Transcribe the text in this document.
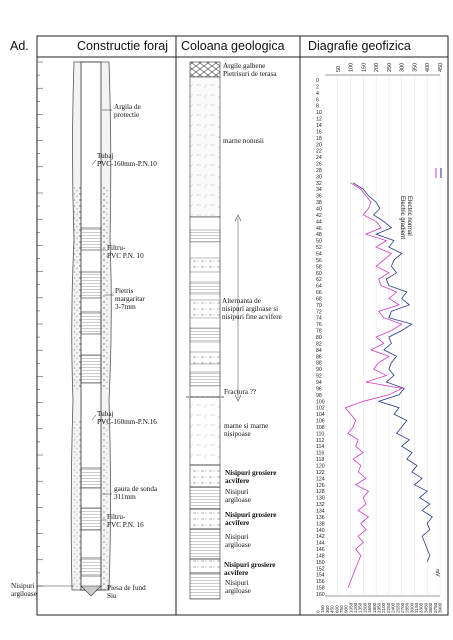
Ad.	Constructie foraj Coloana geologica Diagrafie geofizica
50 100 150 200 250 300 350 400 450
0
2
4
6
8
10
12
14
16
18
20
22
24
26
28
30
32
34
36
38
40
42
44
46
48
50
52
54
56
58
60
62
64
66
68
70
72
74
76
78
80
82
84
86
88
90
92
94
96
98
100
102
104
106
108
110
112
114
116
118
120
122
124
126
128
130
132
134
136
138
140
142
144
146
148
150
152
154
156
158
160
0 150 300 450 600 750 900 1050 1200 1350 1500 1650 1800 1950 2100 2250 2400 2550 2700 2850 3000 3150 3300 3450 3600 3750 3900
Argila de
protectie
Tubaj
PVC-160mm-P.N.10
Filtru-
PVC P.N. 10
Pietris
margaritar
3-7mm
Tubaj
PVC-160mm-P.N.16
gaura de sonda
311mm
Filtru-
PVC P.N. 16
Piesa de fund
Siu
Nisipuri
argiloase
Argile galbene
Pietrisuri de terasa
marne nonusii
Alternanta de
nisipuri argiloase si
nisipuri fine acvifere
Fractura ??
marne si marne
nisipoase
Nisipuri grosiere
acvifere
Nisipuri
argiloase
Nisipuri grosiere
acvifere
Nisipuri
argiloase
Nisipuri grosiere
acvifere
Nisipuri
argiloase
Electric normal
Electric gradient
mV
